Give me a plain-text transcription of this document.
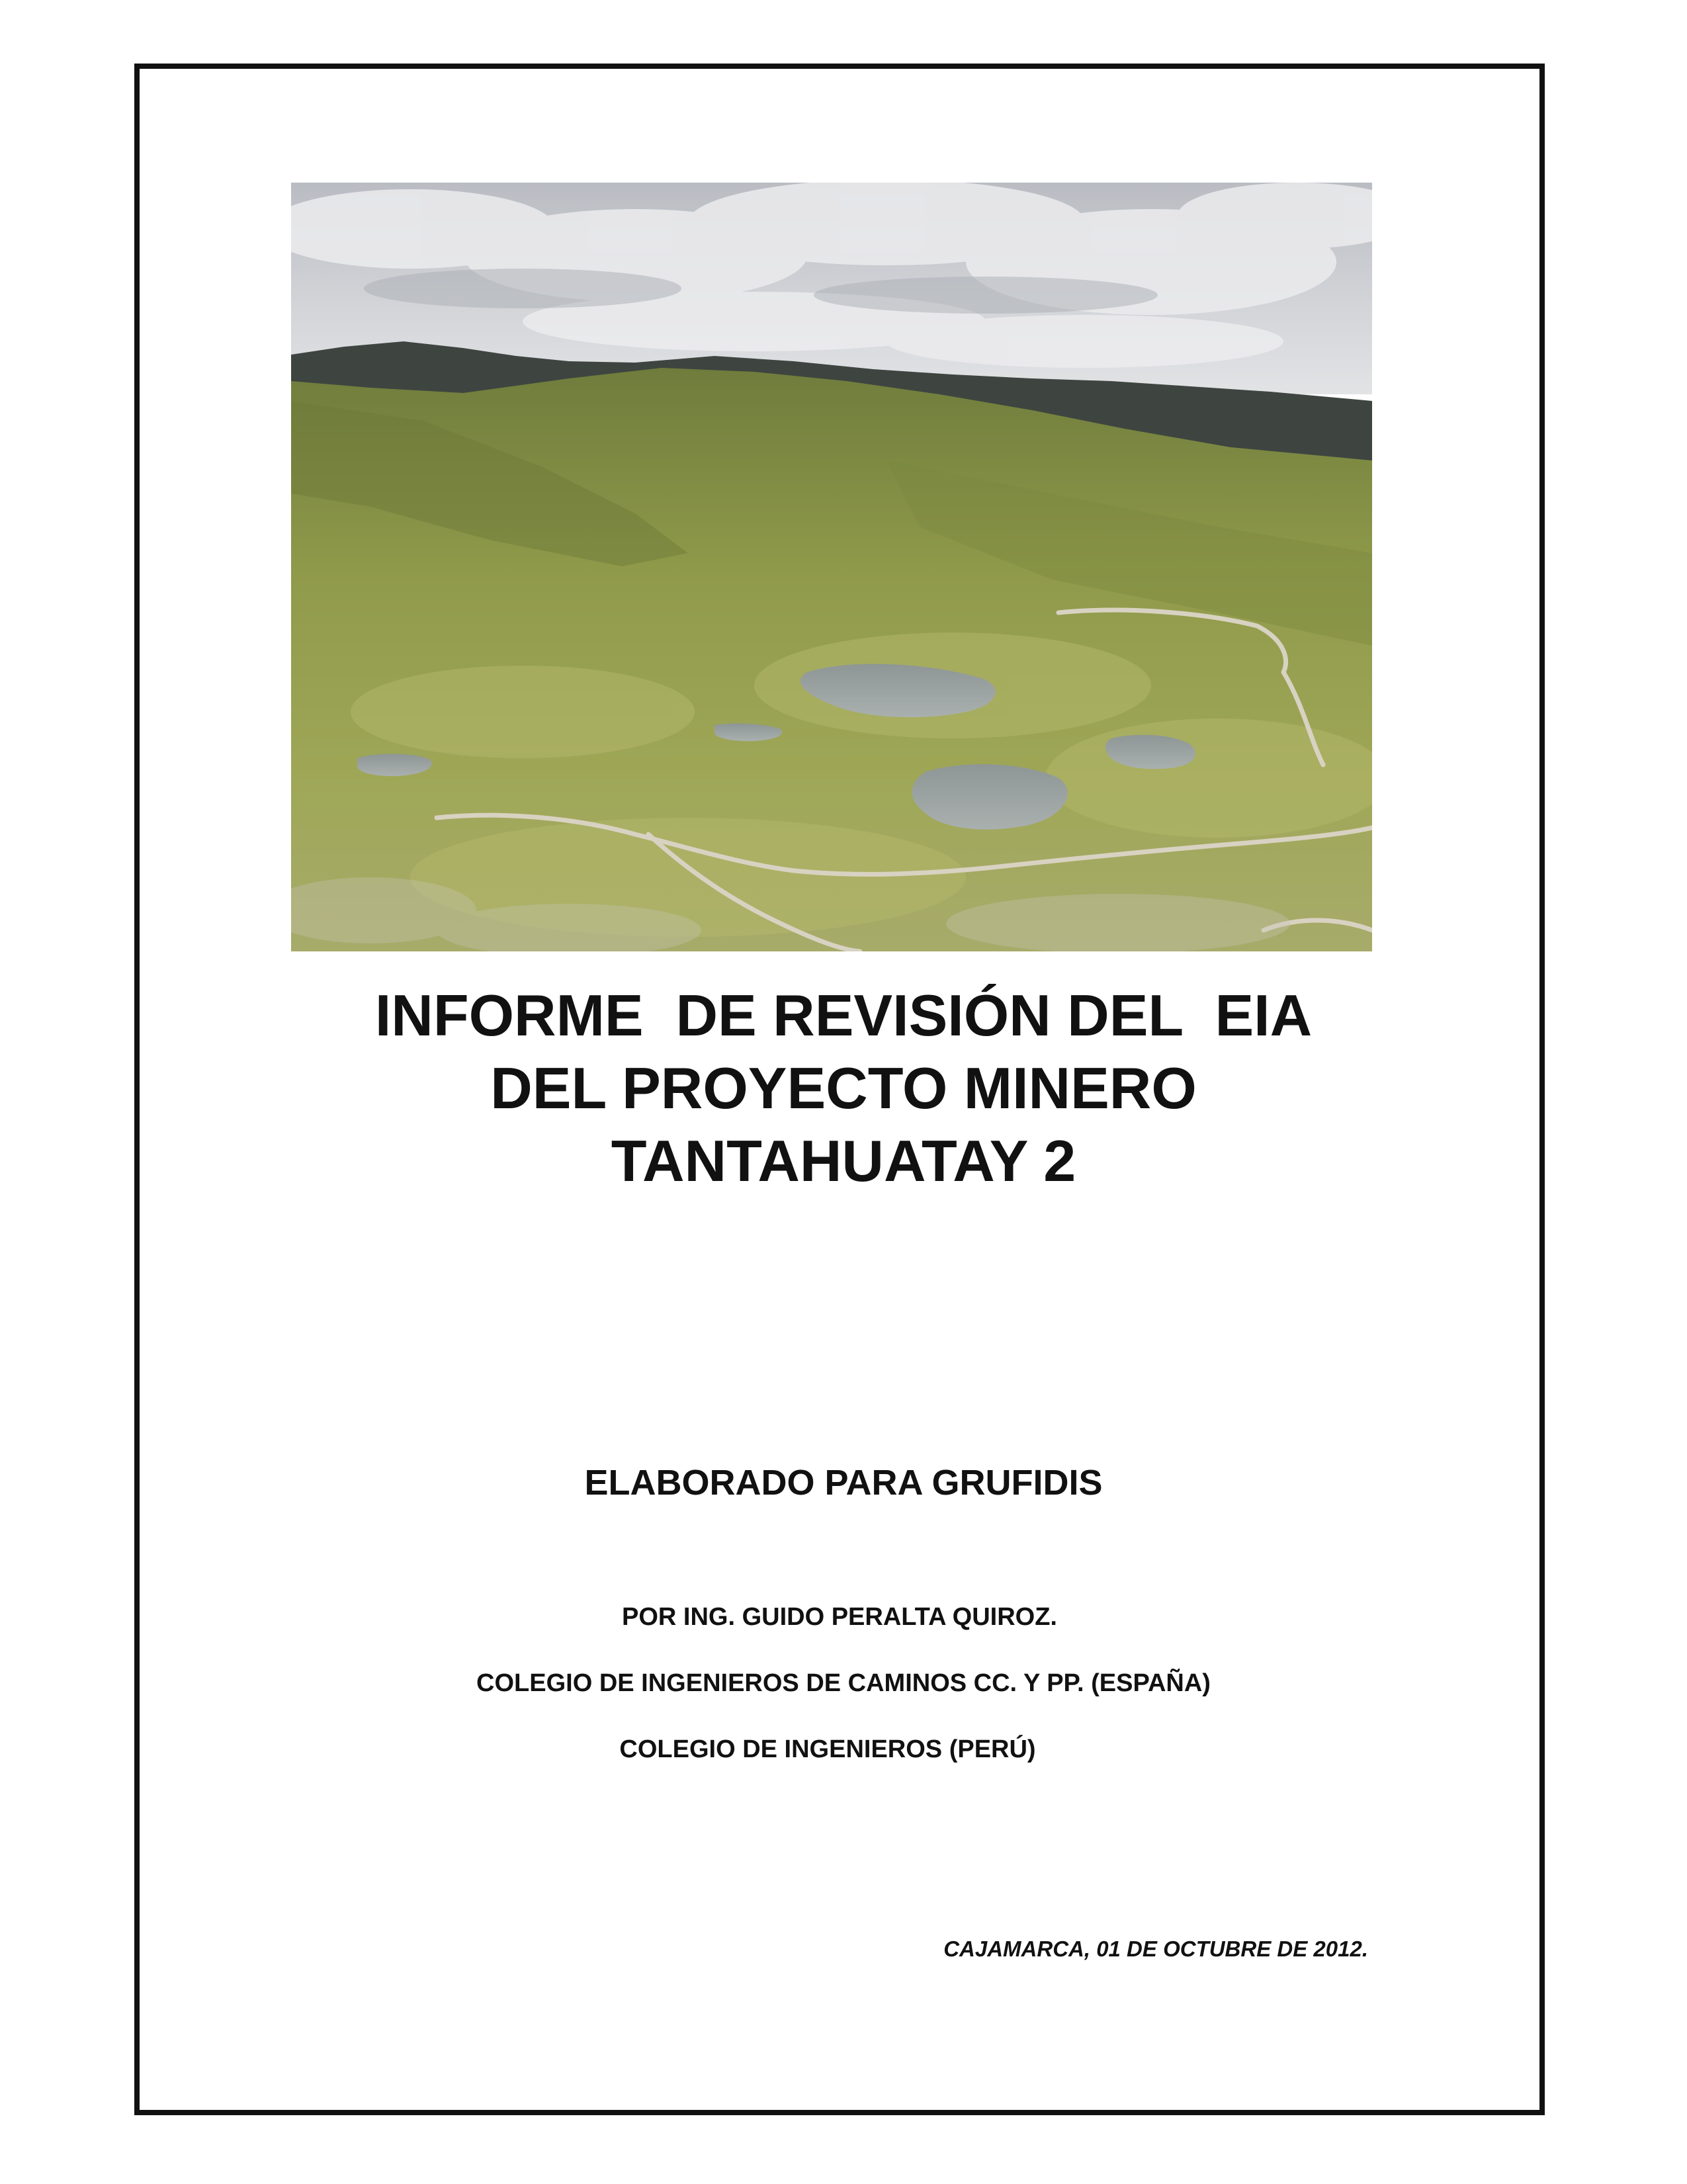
INFORME  DE REVISIÓN DEL  EIA
DEL PROYECTO MINERO
TANTAHUATAY 2
ELABORADO PARA GRUFIDIS
POR ING. GUIDO PERALTA QUIROZ.
COLEGIO DE INGENIEROS DE CAMINOS CC. Y PP. (ESPAÑA)
COLEGIO DE INGENIEROS (PERÚ)
CAJAMARCA, 01 DE OCTUBRE DE 2012.
